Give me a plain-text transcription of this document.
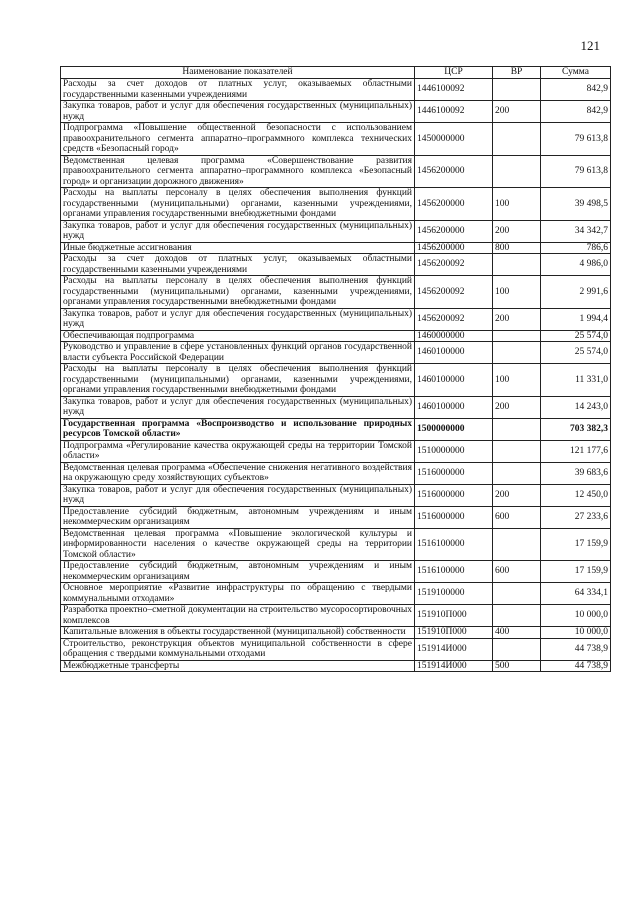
121
Наименование показателей	ЦСР	ВР	Сумма
Расходы за счет доходов от платных услуг, оказываемых областными государственными казенными учреждениями	1446100092		842,9
Закупка товаров, работ и услуг для обеспечения государственных (муниципальных) нужд	1446100092	200	842,9
Подпрограмма «Повышение общественной безопасности с использованием правоохранительного сегмента аппаратно–программного комплекса технических средств «Безопасный город»	1450000000		79 613,8
Ведомственная целевая программа «Совершенствование развития правоохранительного сегмента аппаратно–программного комплекса «Безопасный город» и организации дорожного движения»	1456200000		79 613,8
Расходы на выплаты персоналу в целях обеспечения выполнения функций государственными (муниципальными) органами, казенными учреждениями, органами управления государственными внебюджетными фондами	1456200000	100	39 498,5
Закупка товаров, работ и услуг для обеспечения государственных (муниципальных) нужд	1456200000	200	34 342,7
Иные бюджетные ассигнования	1456200000	800	786,6
Расходы за счет доходов от платных услуг, оказываемых областными государственными казенными учреждениями	1456200092		4 986,0
Расходы на выплаты персоналу в целях обеспечения выполнения функций государственными (муниципальными) органами, казенными учреждениями, органами управления государственными внебюджетными фондами	1456200092	100	2 991,6
Закупка товаров, работ и услуг для обеспечения государственных (муниципальных) нужд	1456200092	200	1 994,4
Обеспечивающая подпрограмма	1460000000		25 574,0
Руководство и управление в сфере установленных функций органов государственной власти субъекта Российской Федерации	1460100000		25 574,0
Расходы на выплаты персоналу в целях обеспечения выполнения функций государственными (муниципальными) органами, казенными учреждениями, органами управления государственными внебюджетными фондами	1460100000	100	11 331,0
Закупка товаров, работ и услуг для обеспечения государственных (муниципальных) нужд	1460100000	200	14 243,0
Государственная программа «Воспроизводство и использование природных ресурсов Томской области»	1500000000		703 382,3
Подпрограмма «Регулирование качества окружающей среды на территории Томской области»	1510000000		121 177,6
Ведомственная целевая программа «Обеспечение снижения негативного воздействия на окружающую среду хозяйствующих субъектов»	1516000000		39 683,6
Закупка товаров, работ и услуг для обеспечения государственных (муниципальных) нужд	1516000000	200	12 450,0
Предоставление субсидий бюджетным, автономным учреждениям и иным некоммерческим организациям	1516000000	600	27 233,6
Ведомственная целевая программа «Повышение экологической культуры и информированности населения о качестве окружающей среды на территории Томской области»	1516100000		17 159,9
Предоставление субсидий бюджетным, автономным учреждениям и иным некоммерческим организациям	1516100000	600	17 159,9
Основное мероприятие «Развитие инфраструктуры по обращению с твердыми коммунальными отходами»	1519100000		64 334,1
Разработка проектно–сметной документации на строительство мусоросортировочных комплексов	151910П000		10 000,0
Капитальные вложения в объекты государственной (муниципальной) собственности	151910П000	400	10 000,0
Строительство, реконструкция объектов муниципальной собственности в сфере обращения с твердыми коммунальными отходами	151914И000		44 738,9
Межбюджетные трансферты	151914И000	500	44 738,9
